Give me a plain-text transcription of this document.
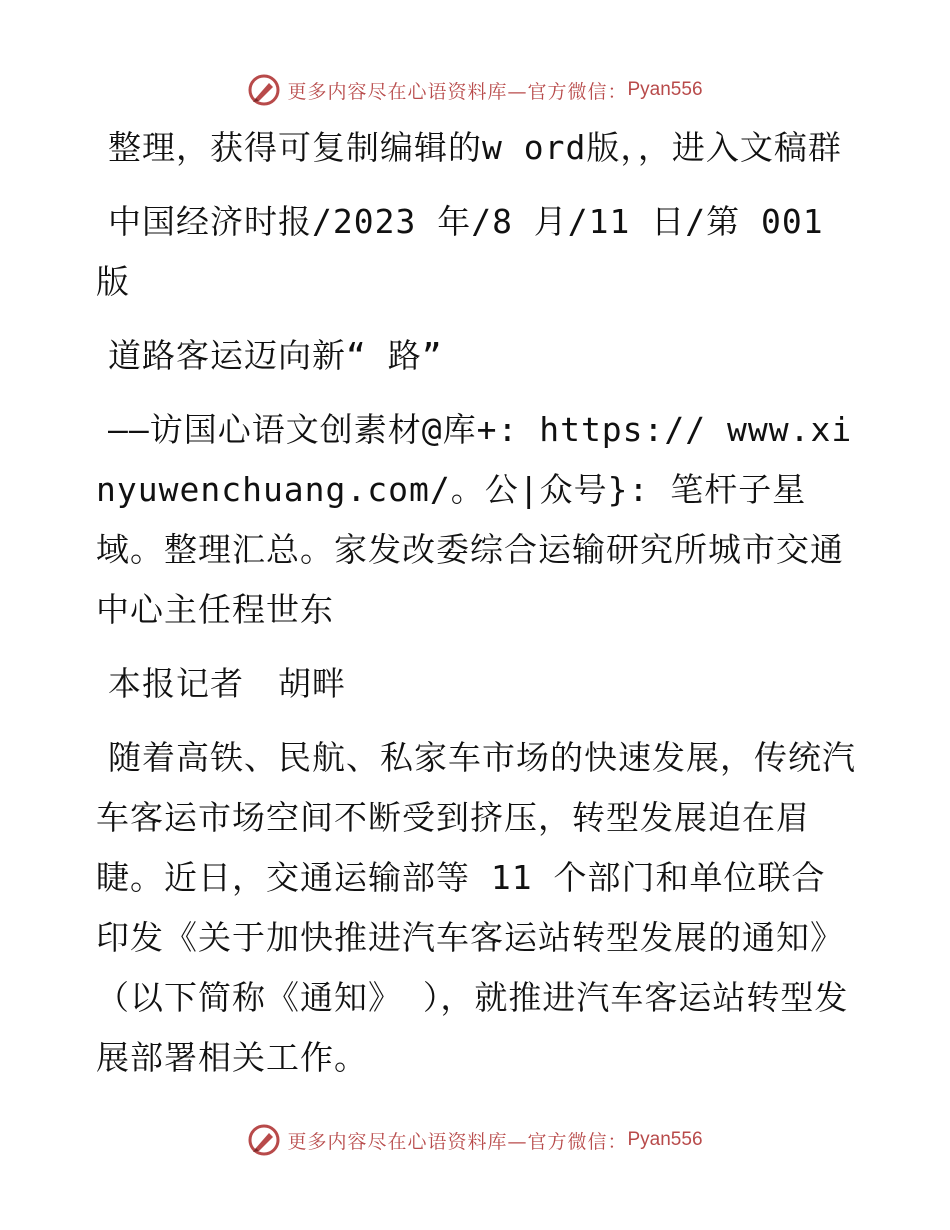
更多内容尽在心语资料库—官方微信： Pyan556

整理，获得可复制编辑的w ord版，，进入文稿群

中国经济时报/2023 年/8 月/11 日/第 001 版

道路客运迈向新“ 路”

——访国心语文创素材@库+: https:// www.xinyuwenchuang.com/。公|众号}: 笔杆子星域。整理汇总。家发改委综合运输研究所城市交通中心主任程世东

本报记者　胡畔

随着高铁、民航、私家车市场的快速发展，传统汽车客运市场空间不断受到挤压，转型发展迫在眉睫。近日，交通运输部等 11 个部门和单位联合印发《关于加快推进汽车客运站转型发展的通知》（以下简称《通知》 ），就推进汽车客运站转型发展部署相关工作。

更多内容尽在心语资料库—官方微信： Pyan556
